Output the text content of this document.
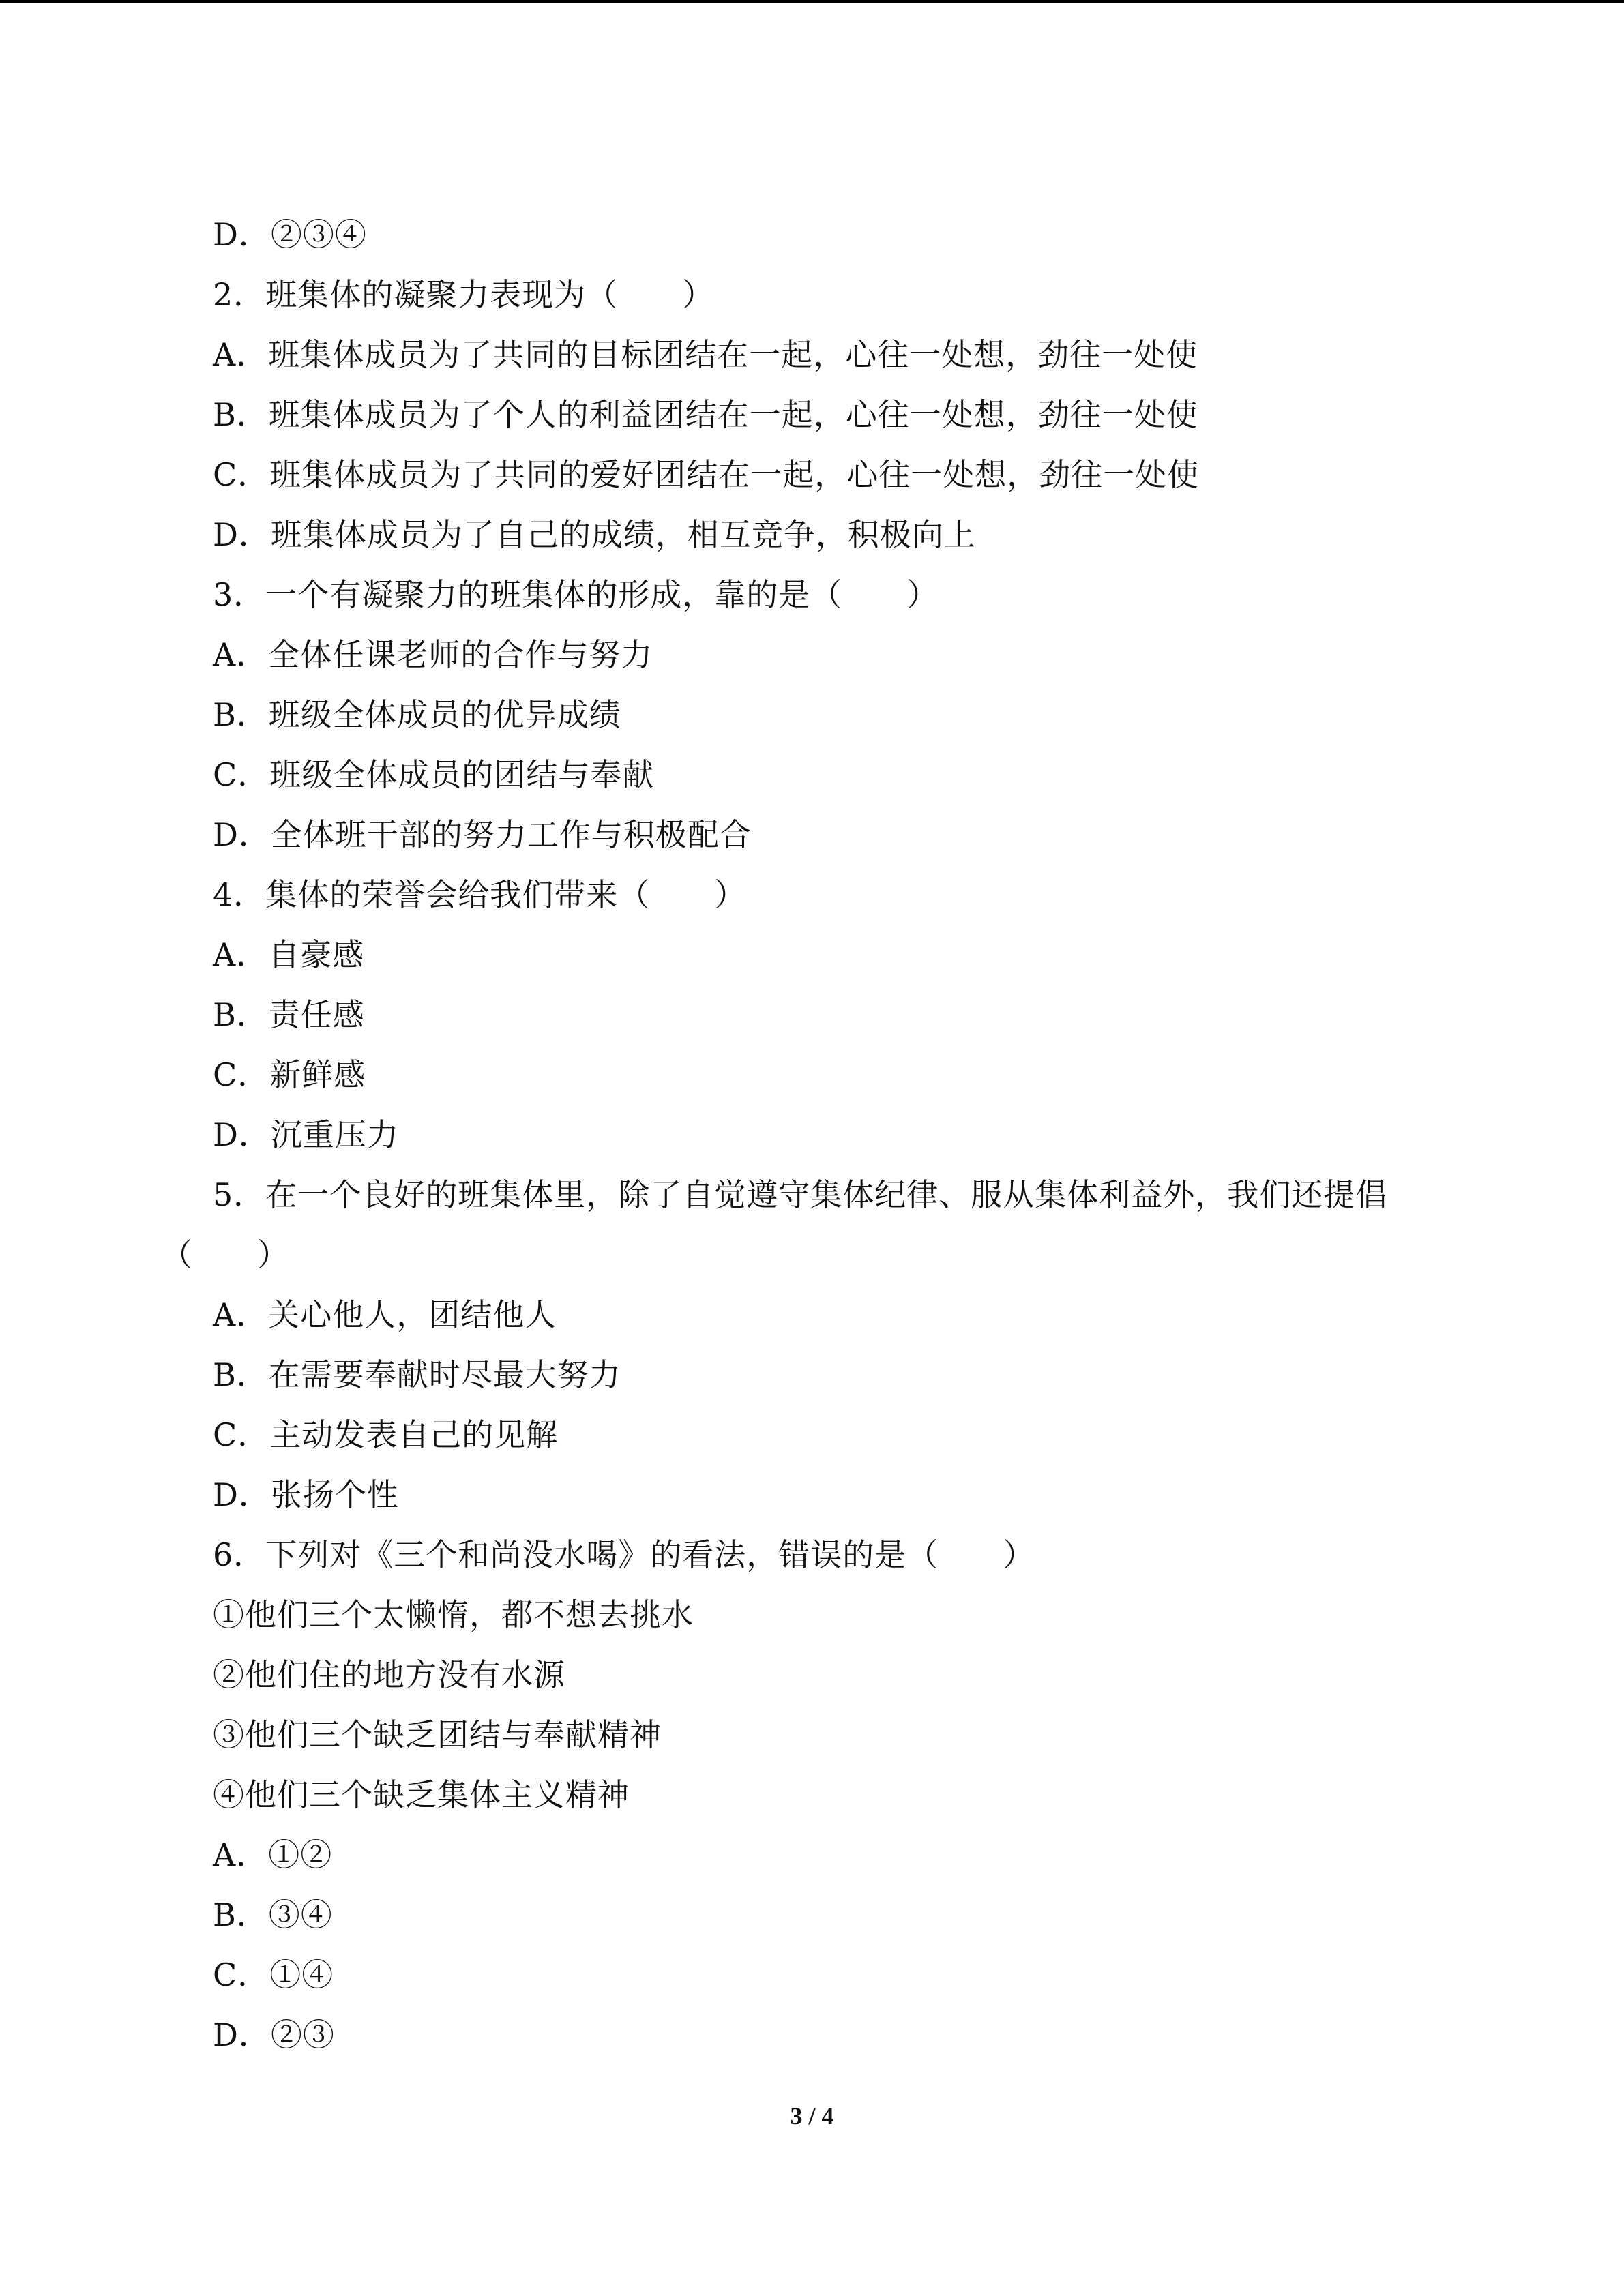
D．②③④
2．班集体的凝聚力表现为（　　）
A．班集体成员为了共同的目标团结在一起，心往一处想，劲往一处使
B．班集体成员为了个人的利益团结在一起，心往一处想，劲往一处使
C．班集体成员为了共同的爱好团结在一起，心往一处想，劲往一处使
D．班集体成员为了自己的成绩，相互竞争，积极向上
3．一个有凝聚力的班集体的形成，靠的是（　　）
A．全体任课老师的合作与努力
B．班级全体成员的优异成绩
C．班级全体成员的团结与奉献
D．全体班干部的努力工作与积极配合
4．集体的荣誉会给我们带来（　　）
A．自豪感
B．责任感
C．新鲜感
D．沉重压力
5．在一个良好的班集体里，除了自觉遵守集体纪律、服从集体利益外，我们还提倡
（　　）
A．关心他人，团结他人
B．在需要奉献时尽最大努力
C．主动发表自己的见解
D．张扬个性
6．下列对《三个和尚没水喝》的看法，错误的是（　　）
①他们三个太懒惰，都不想去挑水
②他们住的地方没有水源
③他们三个缺乏团结与奉献精神
④他们三个缺乏集体主义精神
A．①②
B．③④
C．①④
D．②③
3 / 4
